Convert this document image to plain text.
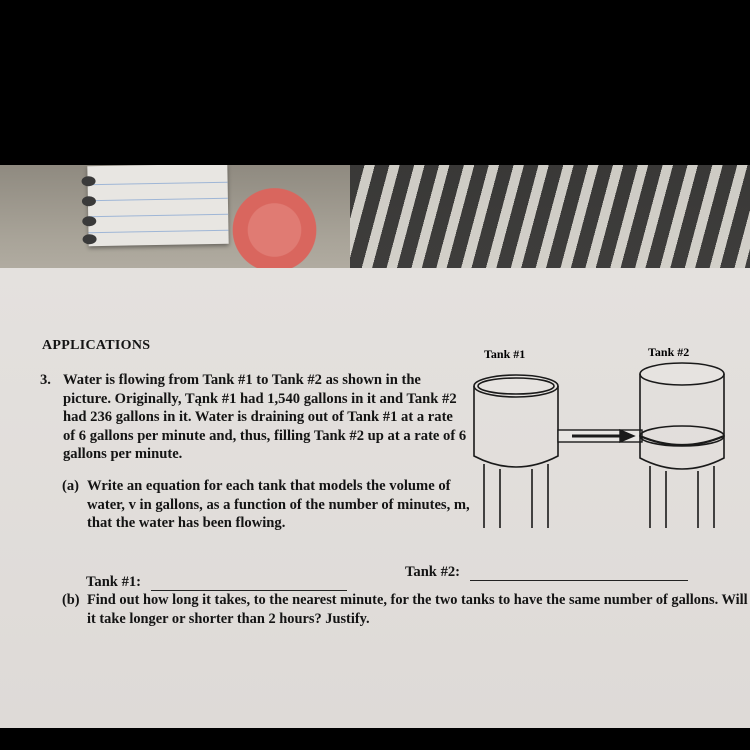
APPLICATIONS
3. Water is flowing from Tank #1 to Tank #2 as shown in the picture. Originally, Tąnk #1 had 1,540 gallons in it and Tank #2 had 236 gallons in it. Water is draining out of Tank #1 at a rate of 6 gallons per minute and, thus, filling Tank #2 up at a rate of 6 gallons per minute.
(a) Write an equation for each tank that models the volume of water, v in gallons, as a function of the number of minutes, m, that the water has been flowing.
Tank #1:
Tank #2:
(b) Find out how long it takes, to the nearest minute, for the two tanks to have the same number of gallons. Will it take longer or shorter than 2 hours? Justify.
Tank #1	Tank #2
